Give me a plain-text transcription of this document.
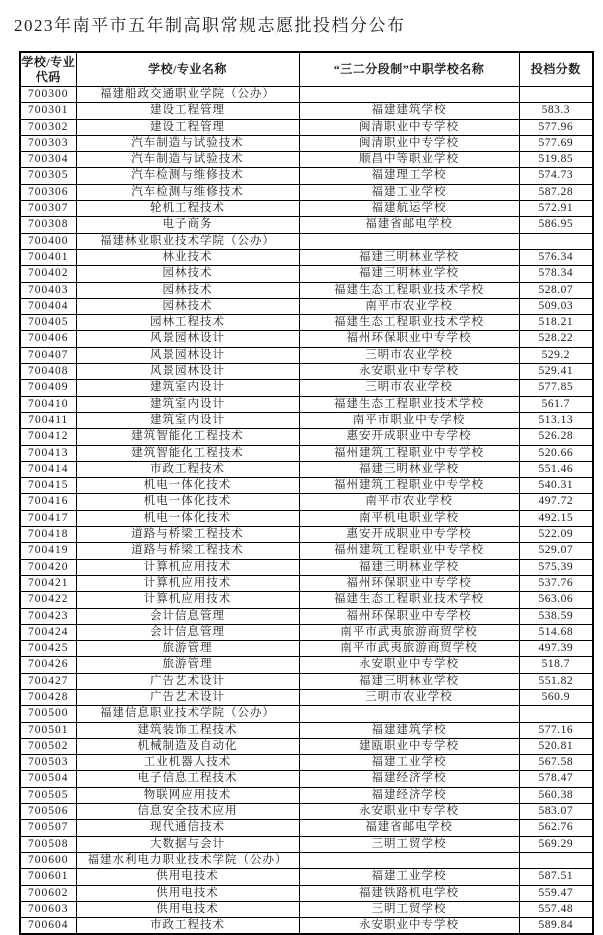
2023年南平市五年制高职常规志愿批投档分公布
学校/专业
代码	学校/专业名称	“三二分段制”中职学校名称	投档分数
700300	福建船政交通职业学院（公办）		
700301	建设工程管理	福建建筑学校	583.3
700302	建设工程管理	闽清职业中专学校	577.96
700303	汽车制造与试验技术	闽清职业中专学校	577.69
700304	汽车制造与试验技术	顺昌中等职业学校	519.85
700305	汽车检测与维修技术	福建理工学校	574.73
700306	汽车检测与维修技术	福建工业学校	587.28
700307	轮机工程技术	福建航运学校	572.91
700308	电子商务	福建省邮电学校	586.95
700400	福建林业职业技术学院（公办）		
700401	林业技术	福建三明林业学校	576.34
700402	园林技术	福建三明林业学校	578.34
700403	园林技术	福建生态工程职业技术学校	528.07
700404	园林技术	南平市农业学校	509.03
700405	园林工程技术	福建生态工程职业技术学校	518.21
700406	风景园林设计	福州环保职业中专学校	528.22
700407	风景园林设计	三明市农业学校	529.2
700408	风景园林设计	永安职业中专学校	529.41
700409	建筑室内设计	三明市农业学校	577.85
700410	建筑室内设计	福建生态工程职业技术学校	561.7
700411	建筑室内设计	南平市职业中专学校	513.13
700412	建筑智能化工程技术	惠安开成职业中专学校	526.28
700413	建筑智能化工程技术	福州建筑工程职业中专学校	520.66
700414	市政工程技术	福建三明林业学校	551.46
700415	机电一体化技术	福州建筑工程职业中专学校	540.31
700416	机电一体化技术	南平市农业学校	497.72
700417	机电一体化技术	南平机电职业学校	492.15
700418	道路与桥梁工程技术	惠安开成职业中专学校	522.09
700419	道路与桥梁工程技术	福州建筑工程职业中专学校	529.07
700420	计算机应用技术	福建三明林业学校	575.39
700421	计算机应用技术	福州环保职业中专学校	537.76
700422	计算机应用技术	福建生态工程职业技术学校	563.06
700423	会计信息管理	福州环保职业中专学校	538.59
700424	会计信息管理	南平市武夷旅游商贸学校	514.68
700425	旅游管理	南平市武夷旅游商贸学校	497.39
700426	旅游管理	永安职业中专学校	518.7
700427	广告艺术设计	福建三明林业学校	551.82
700428	广告艺术设计	三明市农业学校	560.9
700500	福建信息职业技术学院（公办）		
700501	建筑装饰工程技术	福建建筑学校	577.16
700502	机械制造及自动化	建瓯职业中专学校	520.81
700503	工业机器人技术	福建工业学校	567.58
700504	电子信息工程技术	福建经济学校	578.47
700505	物联网应用技术	福建经济学校	560.38
700506	信息安全技术应用	永安职业中专学校	583.07
700507	现代通信技术	福建省邮电学校	562.76
700508	大数据与会计	三明工贸学校	569.29
700600	福建水利电力职业技术学院（公办）		
700601	供用电技术	福建工业学校	587.51
700602	供用电技术	福建铁路机电学校	559.47
700603	供用电技术	三明工贸学校	557.48
700604	市政工程技术	永安职业中专学校	589.84
